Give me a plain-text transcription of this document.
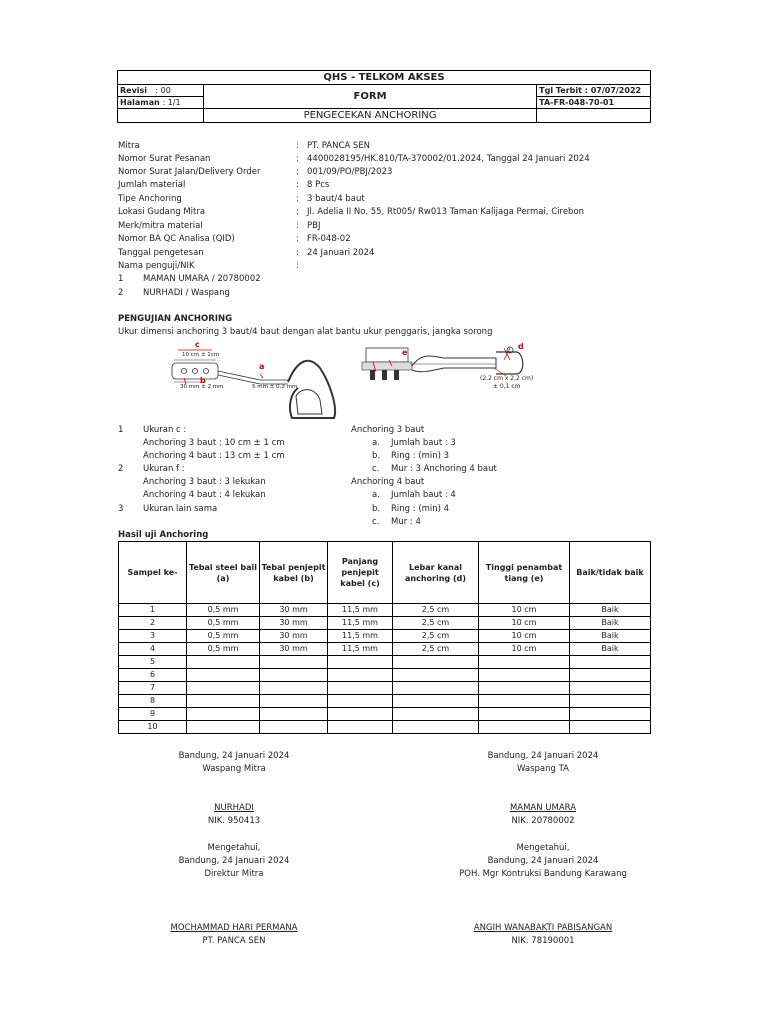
QHS - TELKOM AKSES		
Revisi : 00	FORM	Tgl Terbit : 07/07/2022
Halaman : 1/1		TA-FR-048-70-01
	PENGECEKAN ANCHORING	
Mitra	: PT. PANCA SEN
Nomor Surat Pesanan	: 4400028195/HK.810/TA-370002/01.2024, Tanggal 24 Januari 2024
Nomor Surat Jalan/Delivery Order	: 001/09/PO/PBJ/2023
Jumlah material	: 8 Pcs
Tipe Anchoring	: 3 baut/4 baut
Lokasi Gudang Mitra	: Jl. Adelia II No. 55, Rt005/ Rw013 Taman Kalijaga Permai, Cirebon
Merk/mitra material	: PBJ
Nomor BA QC Analisa (QID)	: FR-048-02
Tanggal pengetesan	: 24 Januari 2024
Nama penguji/NIK	:
1 MAMAN UMARA / 20780002
2 NURHADI / Waspang
PENGUJIAN ANCHORING
Ukur dimensi anchoring 3 baut/4 baut dengan alat bantu ukur penggaris, jangka sorong
c
10 cm ± 1cm
b
30 mm ± 2 mm
a
5 mm ± 0,3 mm
e
d
(2,2 cm x 2,2 cm)
± 0,1 cm
1 Ukuran c :
Anchoring 3 baut : 10 cm ± 1 cm
Anchoring 4 baut : 13 cm ± 1 cm
2 Ukuran f :
Anchoring 3 baut : 3 lekukan
Anchoring 4 baut : 4 lekukan
3 Ukuran lain sama
Anchoring 3 baut
a. Jumlah baut : 3
b. Ring : (min) 3
c. Mur : 3 Anchoring 4 baut
Anchoring 4 baut
a. Jumlah baut : 4
b. Ring : (min) 4
c. Mur : 4
Hasil uji Anchoring
Sampel ke-	Tebal steel bail (a)	Tebal penjepit kabel (b)	Panjang penjepit kabel (c)	Lebar kanal anchoring (d)	Tinggi penambat tiang (e)	Baik/tidak baik
1	0,5 mm	30 mm	11,5 mm	2,5 cm	10 cm	Baik
2	0,5 mm	30 mm	11,5 mm	2,5 cm	10 cm	Baik
3	0,5 mm	30 mm	11,5 mm	2,5 cm	10 cm	Baik
4	0,5 mm	30 mm	11,5 mm	2,5 cm	10 cm	Baik
5						
6						
7						
8						
9						
10						
Bandung, 24 Januari 2024
Waspang Mitra
NURHADI
NIK. 950413
Mengetahui,
Bandung, 24 Januari 2024
Direktur Mitra
MOCHAMMAD HARI PERMANA
PT. PANCA SEN
Bandung, 24 Januari 2024
Waspang TA
MAMAN UMARA
NIK. 20780002
Mengetahui,
Bandung, 24 Januari 2024
POH. Mgr Kontruksi Bandung Karawang
ANGIH WANABAKTI PABISANGAN
NIK. 78190001
